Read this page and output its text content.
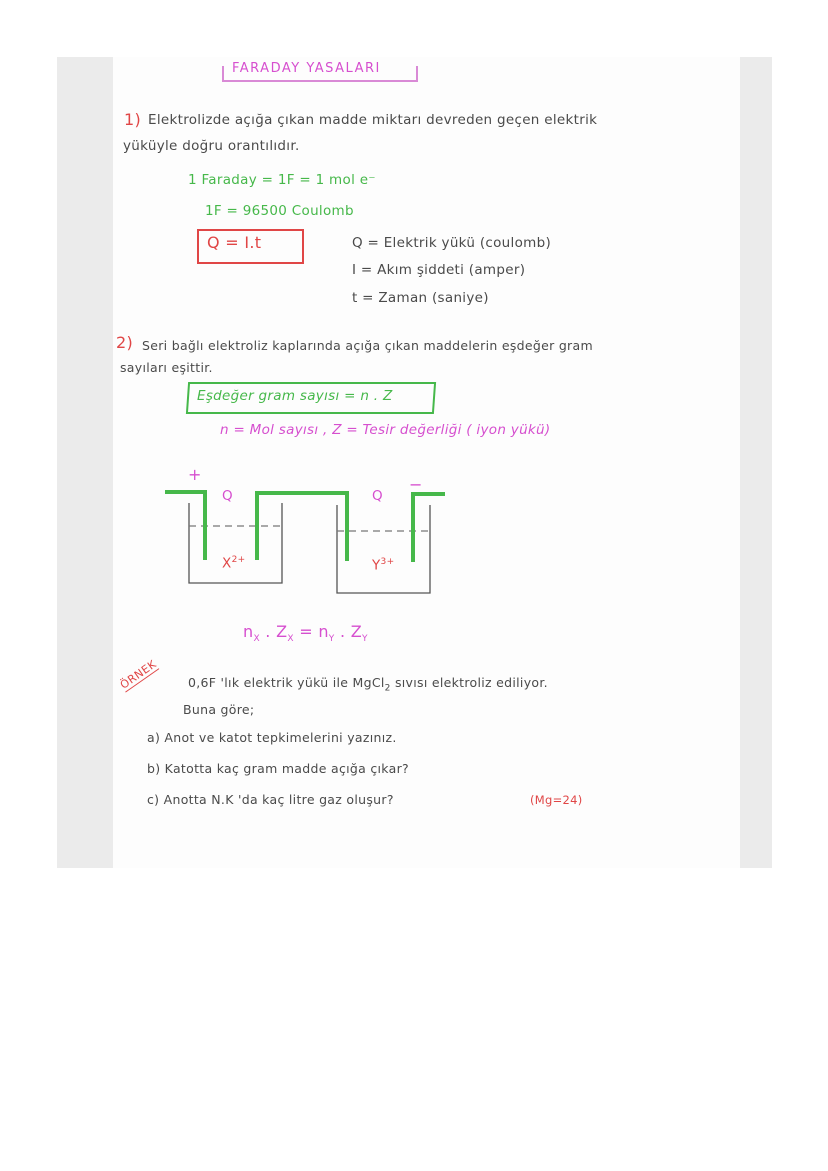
FARADAY YASALARI
1) Elektrolizde açığa çıkan madde miktarı devreden geçen elektrik
yüküyle doğru orantılıdır.
1 Faraday = 1F = 1 mol e⁻
1F = 96500 Coulomb
Q = I.t	Q = Elektrik yükü (coulomb)
I = Akım şiddeti (amper)
t = Zaman (saniye)
2) Seri bağlı elektroliz kaplarında açığa çıkan maddelerin eşdeğer gram
sayıları eşittir.
Eşdeğer gram sayısı = n . Z
n = Mol sayısı , Z = Tesir değerliği ( iyon yükü)
+
−
Q	Q
$X^{2+}$	$Y^{3+}$
$n_X$ . $Z_X = n_Y$ . $Z_Y$
ÖRNEK 0,6F 'lık elektrik yükü ile MgCl$_2$ sıvısı elektroliz ediliyor.
Buna göre;
a) Anot ve katot tepkimelerini yazınız.
b) Katotta kaç gram madde açığa çıkar?
c) Anotta N.K 'da kaç litre gaz oluşur?	(Mg=24)
